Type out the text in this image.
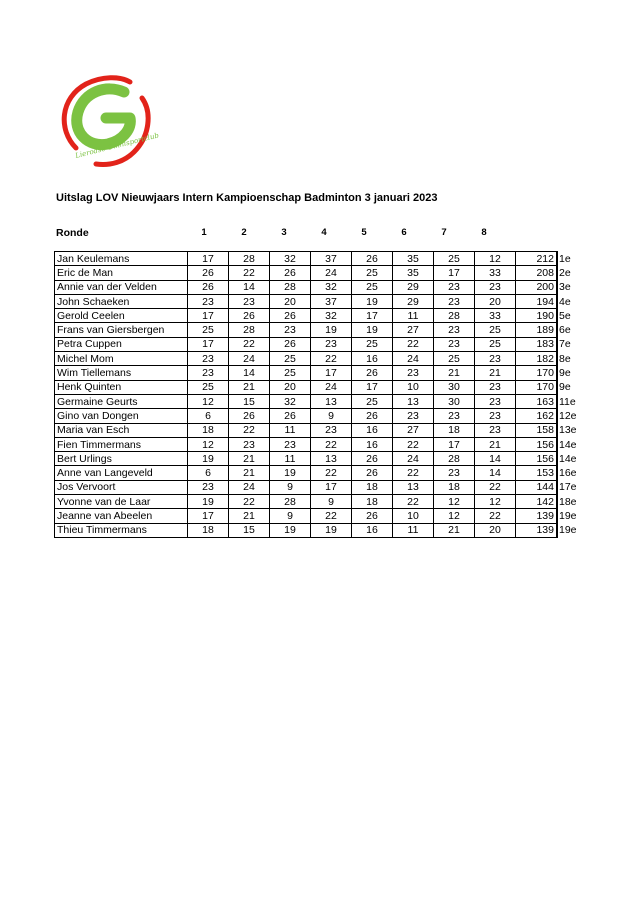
Lierodse Omnisportclub
Uitslag LOV Nieuwjaars Intern Kampioenschap Badminton 3 januari 2023
Ronde	1	2	3	4	5	6	7	8
Jan Keulemans	17	28	32	37	26	35	25	12	212	1e
Eric de Man	26	22	26	24	25	35	17	33	208	2e
Annie van der Velden	26	14	28	32	25	29	23	23	200	3e
John Schaeken	23	23	20	37	19	29	23	20	194	4e
Gerold Ceelen	17	26	26	32	17	11	28	33	190	5e
Frans van Giersbergen	25	28	23	19	19	27	23	25	189	6e
Petra Cuppen	17	22	26	23	25	22	23	25	183	7e
Michel Mom	23	24	25	22	16	24	25	23	182	8e
Wim Tiellemans	23	14	25	17	26	23	21	21	170	9e
Henk Quinten	25	21	20	24	17	10	30	23	170	9e
Germaine Geurts	12	15	32	13	25	13	30	23	163	11e
Gino van Dongen	6	26	26	9	26	23	23	23	162	12e
Maria van Esch	18	22	11	23	16	27	18	23	158	13e
Fien Timmermans	12	23	23	22	16	22	17	21	156	14e
Bert Urlings	19	21	11	13	26	24	28	14	156	14e
Anne van Langeveld	6	21	19	22	26	22	23	14	153	16e
Jos Vervoort	23	24	9	17	18	13	18	22	144	17e
Yvonne van de Laar	19	22	28	9	18	22	12	12	142	18e
Jeanne van Abeelen	17	21	9	22	26	10	12	22	139	19e
Thieu Timmermans	18	15	19	19	16	11	21	20	139	19e
